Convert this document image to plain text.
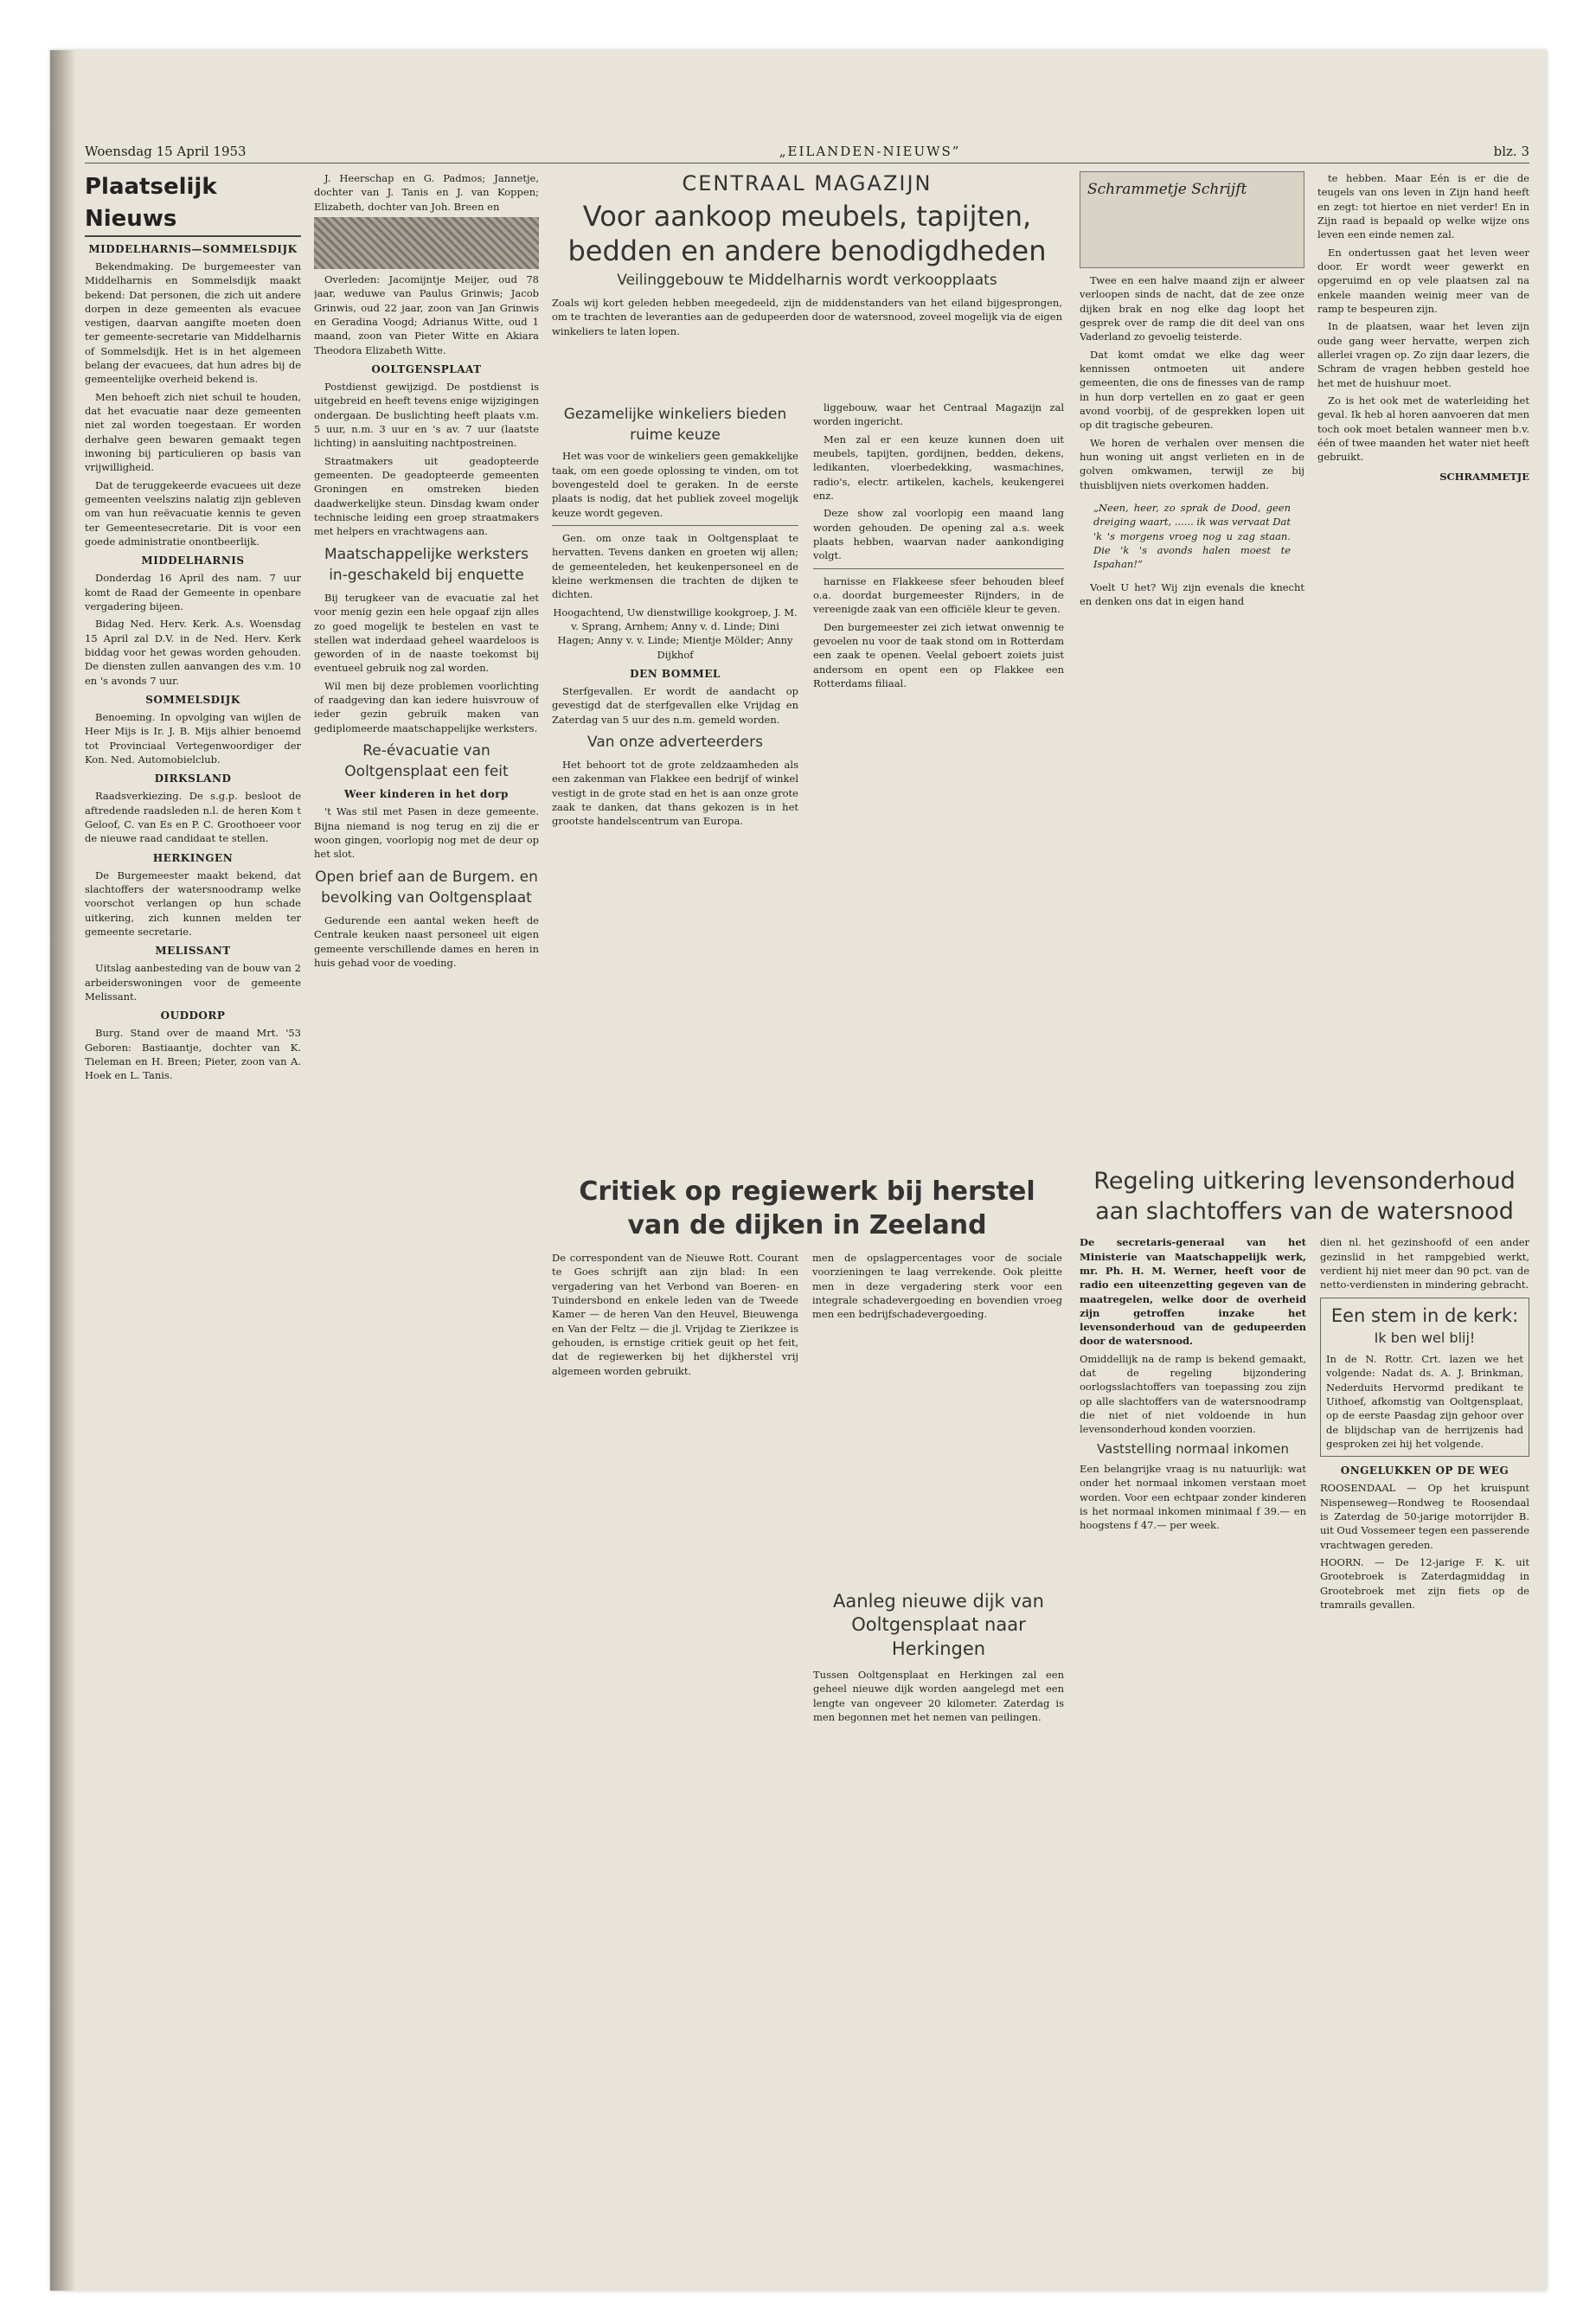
Woensdag 15 April 1953	„EILANDEN-NIEUWS”	blz. 3
Plaatselijk Nieuws
MIDDELHARNIS—SOMMELSDIJK

Bekendmaking. De burgemeester van Middelharnis en Sommelsdijk maakt bekend: Dat personen, die zich uit andere dorpen in deze gemeenten als evacuee vestigen, daarvan aangifte moeten doen ter gemeente-secretarie van Middelharnis of Sommelsdijk. Het is in het algemeen belang der evacuees, dat hun adres bij de gemeentelijke overheid bekend is.

Men behoeft zich niet schuil te houden, dat het evacuatie naar deze gemeenten niet zal worden toegestaan. Er worden derhalve geen bewaren gemaakt tegen inwoning bij particulieren op basis van vrijwilligheid.

Dat de teruggekeerde evacuees uit deze gemeenten veelszins nalatig zijn gebleven om van hun reëvacuatie kennis te geven ter Gemeentesecretarie. Dit is voor een goede administratie onontbeerlijk.

MIDDELHARNIS

Donderdag 16 April des nam. 7 uur komt de Raad der Gemeente in openbare vergadering bijeen.

Bidag Ned. Herv. Kerk. A.s. Woensdag 15 April zal D.V. in de Ned. Herv. Kerk biddag voor het gewas worden gehouden. De diensten zullen aanvangen des v.m. 10 en 's avonds 7 uur.

SOMMELSDIJK

Benoeming. In opvolging van wijlen de Heer Mijs is Ir. J. B. Mijs alhier benoemd tot Provinciaal Vertegenwoordiger der Kon. Ned. Automobielclub.

DIRKSLAND

Raadsverkiezing. De s.g.p. besloot de aftredende raadsleden n.l. de heren Kom t Geloof, C. van Es en P. C. Groothoeer voor de nieuwe raad candidaat te stellen.

HERKINGEN

De Burgemeester maakt bekend, dat slachtoffers der watersnoodramp welke voorschot verlangen op hun schade uitkering, zich kunnen melden ter gemeente secretarie.

MELISSANT

Uitslag aanbesteding van de bouw van 2 arbeiderswoningen voor de gemeente Melissant.

OUDDORP

Burg. Stand over de maand Mrt. '53 Geboren: Bastiaantje, dochter van K. Tieleman en H. Breen; Pieter, zoon van A. Hoek en L. Tanis.

J. Heerschap en G. Padmos; Jannetje, dochter van J. Tanis en J. van Koppen; Elizabeth, dochter van Joh. Breen en

Overleden: Jacomijntje Meijer, oud 78 jaar, weduwe van Paulus Grinwis; Jacob Grinwis, oud 22 jaar, zoon van Jan Grinwis en Geradina Voogd; Adrianus Witte, oud 1 maand, zoon van Pieter Witte en Akiara Theodora Elizabeth Witte.

OOLTGENSPLAAT

Postdienst gewijzigd. De postdienst is uitgebreid en heeft tevens enige wijzigingen ondergaan. De buslichting heeft plaats v.m. 5 uur, n.m. 3 uur en 's av. 7 uur (laatste lichting) in aansluiting nachtpostreinen.

Straatmakers uit geadopteerde gemeenten. De geadopteerde gemeenten Groningen en omstreken bieden daadwerkelijke steun. Dinsdag kwam onder technische leiding een groep straatmakers met helpers en vrachtwagens aan.

Maatschappelijke werksters in-geschakeld bij enquette

Bij terugkeer van de evacuatie zal het voor menig gezin een hele opgaaf zijn alles zo goed mogelijk te bestelen en vast te stellen wat inderdaad geheel waardeloos is geworden of in de naaste toekomst bij eventueel gebruik nog zal worden.

Wil men bij deze problemen voorlichting of raadgeving dan kan iedere huisvrouw of ieder gezin gebruik maken van gediplomeerde maatschappelijke werksters.

Re-évacuatie van Ooltgensplaat een feit
Weer kinderen in het dorp

't Was stil met Pasen in deze gemeente. Bijna niemand is nog terug en zij die er woon gingen, voorlopig nog met de deur op het slot.

Open brief aan de Burgem. en bevolking van Ooltgensplaat

Gedurende een aantal weken heeft de Centrale keuken naast personeel uit eigen gemeente verschillende dames en heren in huis gehad voor de voeding.

CENTRAAL MAGAZIJN
Voor aankoop meubels, tapijten, bedden en andere benodigdheden
Veilinggebouw te Middelharnis wordt verkoopplaats

Zoals wij kort geleden hebben meegedeeld, zijn de middenstanders van het eiland bijgesprongen, om te trachten de leveranties aan de gedupeerden door de watersnood, zoveel mogelijk via de eigen winkeliers te laten lopen.

Gezamelijke winkeliers bieden ruime keuze

Het was voor de winkeliers geen gemakkelijke taak, om een goede oplossing te vinden, om tot bovengesteld doel te geraken. In de eerste plaats is nodig, dat het publiek zoveel mogelijk keuze wordt gegeven.

Gen. om onze taak in Ooltgensplaat te hervatten. Tevens danken en groeten wij allen; de gemeenteleden, het keukenpersoneel en de kleine werkmensen die trachten de dijken te dichten.

Hoogachtend, Uw dienstwillige kookgroep, J. M. v. Sprang, Arnhem; Anny v. d. Linde; Dini Hagen; Anny v. v. Linde; Mientje Mölder; Anny Dijkhof

DEN BOMMEL

Sterfgevallen. Er wordt de aandacht op gevestigd dat de sterfgevallen elke Vrijdag en Zaterdag van 5 uur des n.m. gemeld worden.

Van onze adverteerders

Het behoort tot de grote zeldzaamheden als een zakenman van Flakkee een bedrijf of winkel vestigt in de grote stad en het is aan onze grote zaak te danken, dat thans gekozen is in het grootste handelscentrum van Europa.

liggebouw, waar het Centraal Magazijn zal worden ingericht.

Men zal er een keuze kunnen doen uit meubels, tapijten, gordijnen, bedden, dekens, ledikanten, vloerbedekking, wasmachines, radio's, electr. artikelen, kachels, keukengerei enz.

Deze show zal voorlopig een maand lang worden gehouden. De opening zal a.s. week plaats hebben, waarvan nader aankondiging volgt.

harnisse en Flakkeese sfeer behouden bleef o.a. doordat burgemeester Rijnders, in de vereenigde zaak van een officiële kleur te geven.

Den burgemeester zei zich ietwat onwennig te gevoelen nu voor de taak stond om in Rotterdam een zaak te openen. Veelal geboert zoiets juist andersom en opent een op Flakkee een Rotterdams filiaal.

Critiek op regiewerk bij herstel van de dijken in Zeeland

De correspondent van de Nieuwe Rott. Courant te Goes schrijft aan zijn blad: In een vergadering van het Verbond van Boeren- en Tuindersbond en enkele leden van de Tweede Kamer — de heren Van den Heuvel, Bieuwenga en Van der Feltz — die jl. Vrijdag te Zierikzee is gehouden, is ernstige critiek geuit op het feit, dat de regiewerken bij het dijkherstel vrij algemeen worden gebruikt.

men de opslagpercentages voor de sociale voorzieningen te laag verrekende. Ook pleitte men in deze vergadering sterk voor een integrale schadevergoeding en bovendien vroeg men een bedrijfschadevergoeding.

Aanleg nieuwe dijk van Ooltgensplaat naar Herkingen

Tussen Ooltgensplaat en Herkingen zal een geheel nieuwe dijk worden aangelegd met een lengte van ongeveer 20 kilometer. Zaterdag is men begonnen met het nemen van peilingen.

Schrammetje Schrijft

Twee en een halve maand zijn er alweer verloopen sinds de nacht, dat de zee onze dijken brak en nog elke dag loopt het gesprek over de ramp die dit deel van ons Vaderland zo gevoelig teisterde.

Dat komt omdat we elke dag weer kennissen ontmoeten uit andere gemeenten, die ons de finesses van de ramp in hun dorp vertellen en zo gaat er geen avond voorbij, of de gesprekken lopen uit op dit tragische gebeuren.

We horen de verhalen over mensen die hun woning uit angst verlieten en in de golven omkwamen, terwijl ze bij thuisblijven niets overkomen hadden.

„Neen, heer, zo sprak de Dood, geen dreiging waart, ...... ik was vervaat Dat 'k 's morgens vroeg nog u zag staan. Die 'k 's avonds halen moest te Ispahan!”

Voelt U het? Wij zijn evenals die knecht en denken ons dat in eigen hand

te hebben. Maar Eén is er die de teugels van ons leven in Zijn hand heeft en zegt: tot hiertoe en niet verder! En in Zijn raad is bepaald op welke wijze ons leven een einde nemen zal.

En ondertussen gaat het leven weer door. Er wordt weer gewerkt en opgeruimd en op vele plaatsen zal na enkele maanden weinig meer van de ramp te bespeuren zijn.

In de plaatsen, waar het leven zijn oude gang weer hervatte, werpen zich allerlei vragen op. Zo zijn daar lezers, die Schram de vragen hebben gesteld hoe het met de huishuur moet.

Zo is het ook met de waterleiding het geval. Ik heb al horen aanvoeren dat men toch ook moet betalen wanneer men b.v. één of twee maanden het water niet heeft gebruikt.

SCHRAMMETJE
Regeling uitkering levensonderhoud aan slachtoffers van de watersnood

De secretaris-generaal van het Ministerie van Maatschappelijk werk, mr. Ph. H. M. Werner, heeft voor de radio een uiteenzetting gegeven van de maatregelen, welke door de overheid zijn getroffen inzake het levensonderhoud van de gedupeerden door de watersnood.

Omiddellijk na de ramp is bekend gemaakt, dat de regeling bijzondering oorlogsslachtoffers van toepassing zou zijn op alle slachtoffers van de watersnoodramp die niet of niet voldoende in hun levensonderhoud konden voorzien.

Vaststelling normaal inkomen

Een belangrijke vraag is nu natuurlijk: wat onder het normaal inkomen verstaan moet worden. Voor een echtpaar zonder kinderen is het normaal inkomen minimaal f 39.— en hoogstens f 47.— per week.

dien nl. het gezinshoofd of een ander gezinslid in het rampgebied werkt, verdient hij niet meer dan 90 pct. van de netto-verdiensten in mindering gebracht.

Een stem in de kerk:
Ik ben wel blij!

In de N. Rottr. Crt. lazen we het volgende: Nadat ds. A. J. Brinkman, Nederduits Hervormd predikant te Uithoef, afkomstig van Ooltgensplaat, op de eerste Paasdag zijn gehoor over de blijdschap van de herrijzenis had gesproken zei hij het volgende.

ONGELUKKEN OP DE WEG

ROOSENDAAL — Op het kruispunt Nispenseweg—Rondweg te Roosendaal is Zaterdag de 50-jarige motorrijder B. uit Oud Vossemeer tegen een passerende vrachtwagen gereden.

HOORN. — De 12-jarige F. K. uit Grootebroek is Zaterdagmiddag in Grootebroek met zijn fiets op de tramrails gevallen.
